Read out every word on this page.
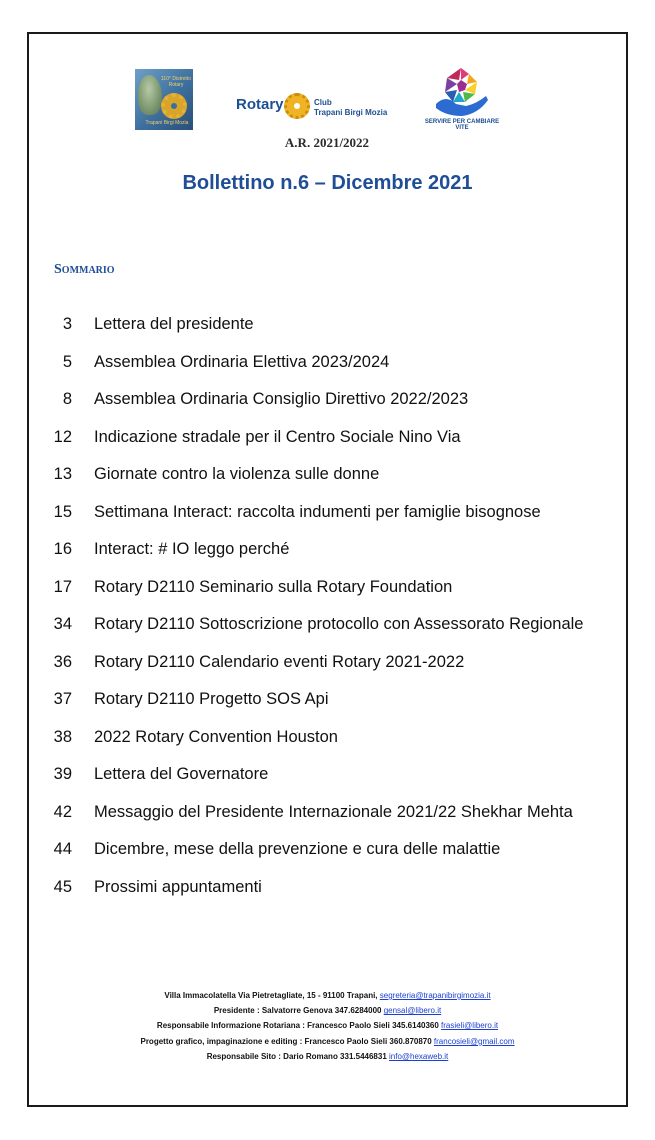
110° Distretto
Rotary
Trapani Birgi Mozia
Rotary	Club
Trapani Birgi Mozia
A.R. 2021/2022
SERVIRE PER CAMBIARE VITE
Bollettino n.6 – Dicembre 2021
Sommario
3 Lettera del presidente
5 Assemblea Ordinaria Elettiva 2023/2024
8 Assemblea Ordinaria Consiglio Direttivo 2022/2023
12 Indicazione stradale per il Centro Sociale Nino Via
13 Giornate contro la violenza sulle donne
15 Settimana Interact: raccolta indumenti per famiglie bisognose
16 Interact: # IO leggo perché
17 Rotary D2110 Seminario sulla Rotary Foundation
34 Rotary D2110 Sottoscrizione protocollo con Assessorato Regionale
36 Rotary D2110 Calendario eventi Rotary 2021-2022
37 Rotary D2110 Progetto SOS Api
38 2022 Rotary Convention Houston
39 Lettera del Governatore
42 Messaggio del Presidente Internazionale 2021/22 Shekhar Mehta
44 Dicembre, mese della prevenzione e cura delle malattie
45 Prossimi appuntamenti
Villa Immacolatella Via Pietretagliate, 15 - 91100 Trapani, segreteria@trapanibirgimozia.it
Presidente : Salvatorre Genova 347.6284000 gensal@libero.it
Responsabile Informazione Rotariana : Francesco Paolo Sieli 345.6140360 frasieli@libero.it
Progetto grafico, impaginazione e editing : Francesco Paolo Sieli 360.870870 francosieli@gmail.com
Responsabile Sito : Dario Romano 331.5446831 info@hexaweb.it
